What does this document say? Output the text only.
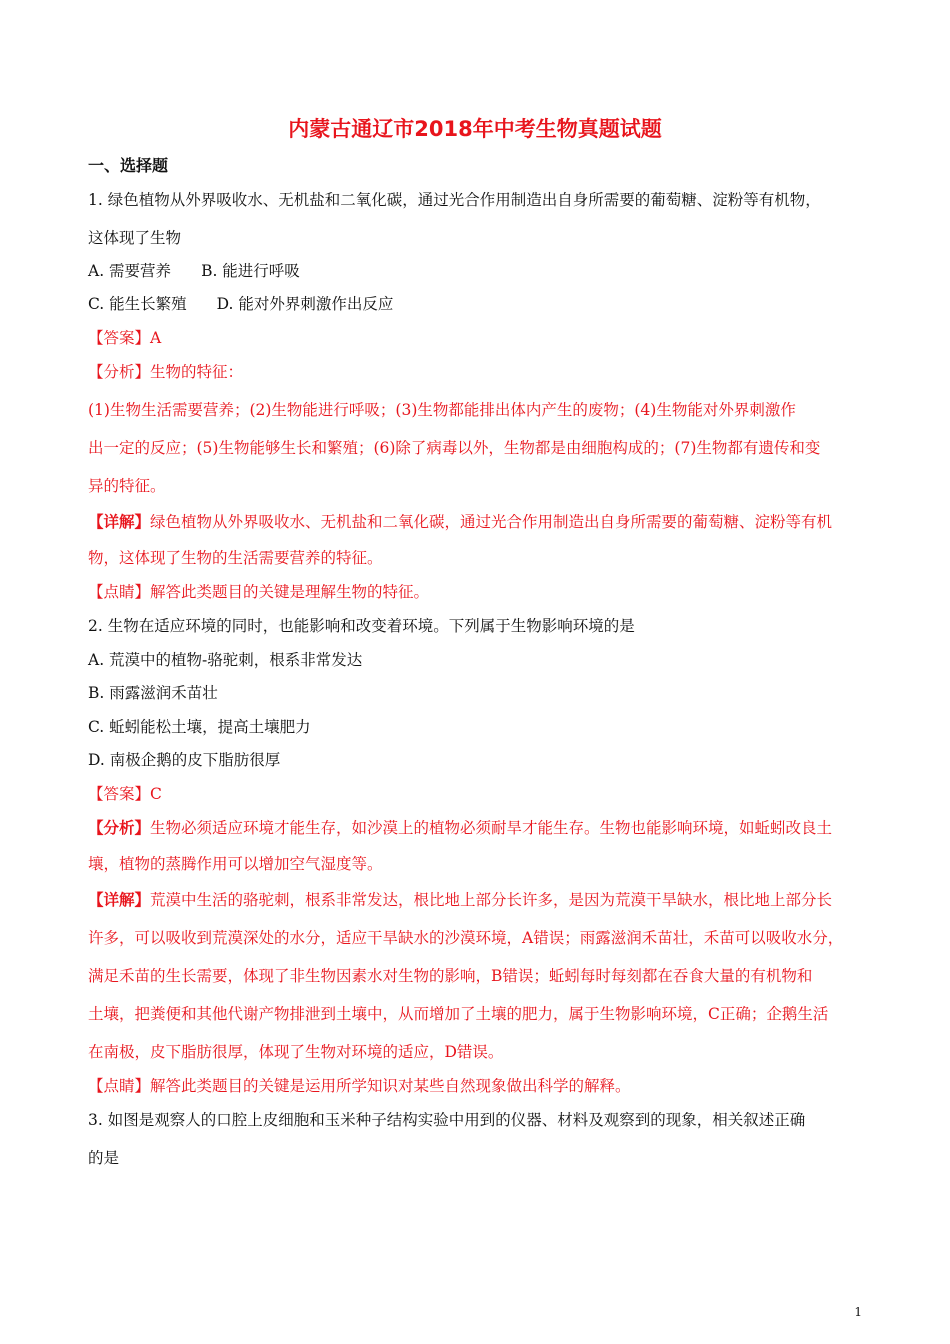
内蒙古通辽市2018年中考生物真题试题
一、选择题
1. 绿色植物从外界吸收水、无机盐和二氧化碳，通过光合作用制造出自身所需要的葡萄糖、淀粉等有机物，
这体现了生物
A. 需要营养 B. 能进行呼吸
C. 能生长繁殖 D. 能对外界刺激作出反应
【答案】A
【分析】生物的特征：
(1)生物生活需要营养；(2)生物能进行呼吸；(3)生物都能排出体内产生的废物；(4)生物能对外界刺激作
出一定的反应；(5)生物能够生长和繁殖；(6)除了病毒以外，生物都是由细胞构成的；(7)生物都有遗传和变
异的特征。
【详解】绿色植物从外界吸收水、无机盐和二氧化碳，通过光合作用制造出自身所需要的葡萄糖、淀粉等有机
物，这体现了生物的生活需要营养的特征。
【点睛】解答此类题目的关键是理解生物的特征。
2. 生物在适应环境的同时，也能影响和改变着环境。下列属于生物影响环境的是
A. 荒漠中的植物-骆驼刺，根系非常发达
B. 雨露滋润禾苗壮
C. 蚯蚓能松土壤，提高土壤肥力
D. 南极企鹅的皮下脂肪很厚
【答案】C
【分析】生物必须适应环境才能生存，如沙漠上的植物必须耐旱才能生存。生物也能影响环境，如蚯蚓改良土
壤，植物的蒸腾作用可以增加空气湿度等。
【详解】荒漠中生活的骆驼刺，根系非常发达，根比地上部分长许多，是因为荒漠干旱缺水，根比地上部分长
许多，可以吸收到荒漠深处的水分，适应干旱缺水的沙漠环境，A错误；雨露滋润禾苗壮，禾苗可以吸收水分，
满足禾苗的生长需要，体现了非生物因素水对生物的影响，B错误；蚯蚓每时每刻都在吞食大量的有机物和
土壤，把粪便和其他代谢产物排泄到土壤中，从而增加了土壤的肥力，属于生物影响环境，C正确；企鹅生活
在南极，皮下脂肪很厚，体现了生物对环境的适应，D错误。
【点睛】解答此类题目的关键是运用所学知识对某些自然现象做出科学的解释。
3. 如图是观察人的口腔上皮细胞和玉米种子结构实验中用到的仪器、材料及观察到的现象，相关叙述正确
的是
1
